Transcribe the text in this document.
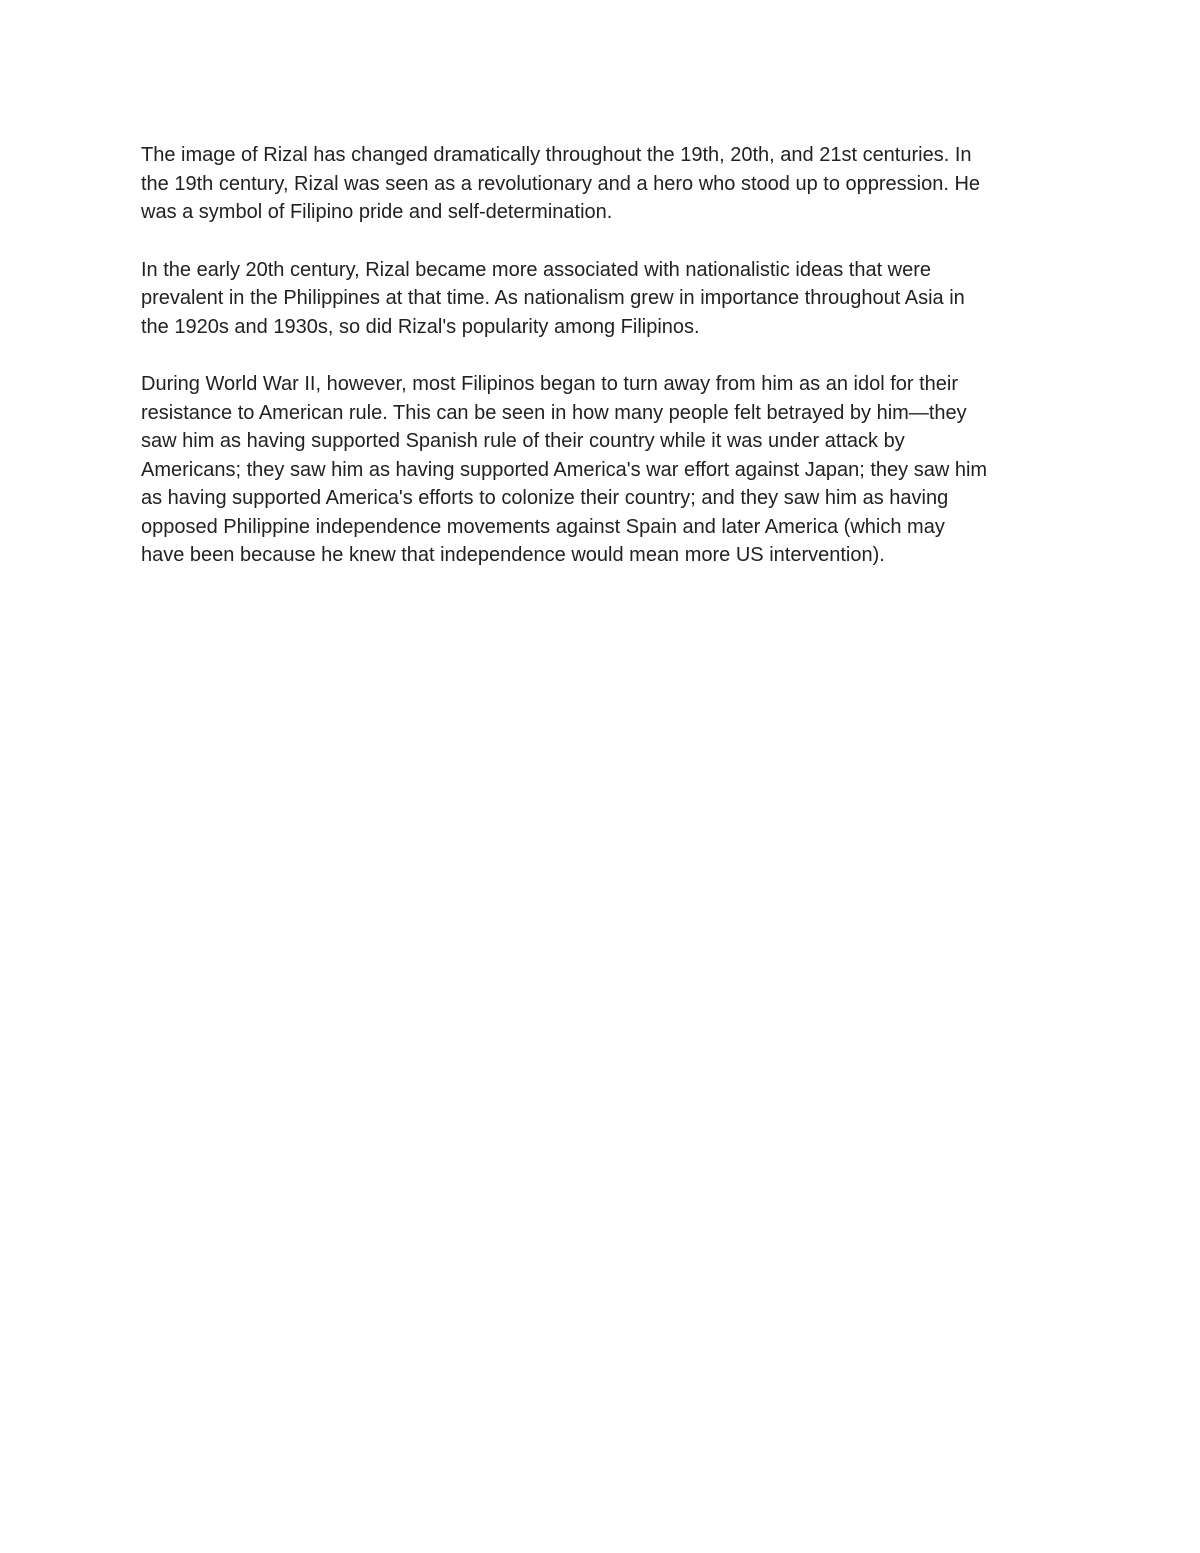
The image of Rizal has changed dramatically throughout the 19th, 20th, and 21st centuries. In
the 19th century, Rizal was seen as a revolutionary and a hero who stood up to oppression. He
was a symbol of Filipino pride and self-determination.

In the early 20th century, Rizal became more associated with nationalistic ideas that were
prevalent in the Philippines at that time. As nationalism grew in importance throughout Asia in
the 1920s and 1930s, so did Rizal's popularity among Filipinos.

During World War II, however, most Filipinos began to turn away from him as an idol for their
resistance to American rule. This can be seen in how many people felt betrayed by him—they
saw him as having supported Spanish rule of their country while it was under attack by
Americans; they saw him as having supported America's war effort against Japan; they saw him
as having supported America's efforts to colonize their country; and they saw him as having
opposed Philippine independence movements against Spain and later America (which may
have been because he knew that independence would mean more US intervention).
